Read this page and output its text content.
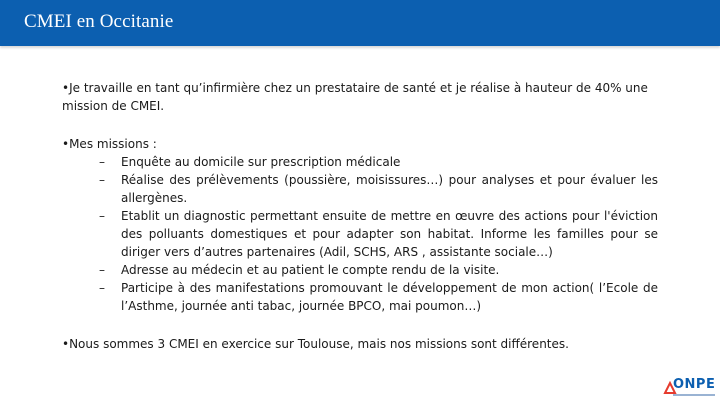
CMEI en Occitanie

•Je travaille en tant qu’infirmière chez un prestataire de santé et je réalise à hauteur de 40% une mission de CMEI.

•Mes missions :

– Enquête au domicile sur prescription médicale
– Réalise des prélèvements (poussière, moisissures…) pour analyses et pour évaluer les allergènes.
– Etablit un diagnostic permettant ensuite de mettre en œuvre des actions pour l'éviction des polluants domestiques et pour adapter son habitat. Informe les familles pour se diriger vers d’autres partenaires (Adil, SCHS, ARS , assistante sociale…)
– Adresse au médecin et au patient le compte rendu de la visite.
– Participe à des manifestations promouvant le développement de mon action( l’Ecole de l’Asthme, journée anti tabac, journée BPCO, mai poumon…)

•Nous sommes 3 CMEI en exercice sur Toulouse, mais nos missions sont différentes.

ONPE
